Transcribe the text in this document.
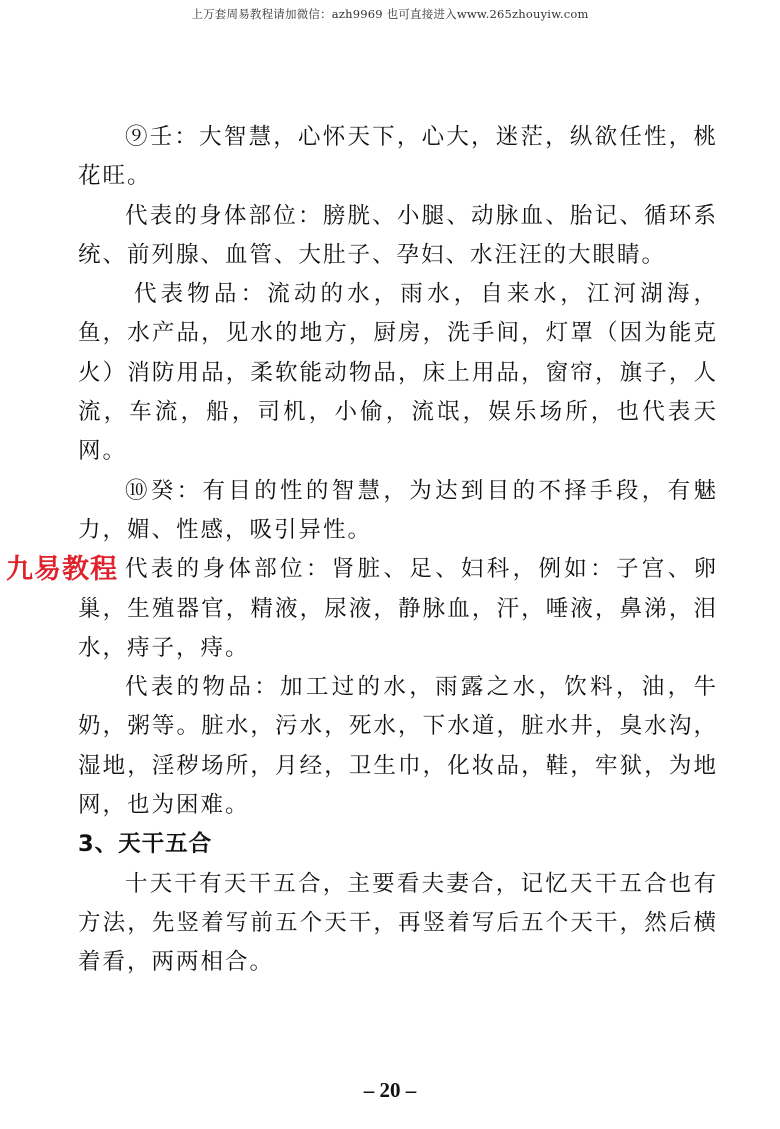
上万套周易教程请加微信：azh9969 也可直接进入www.265zhouyiw.com

⑨壬：大智慧，心怀天下，心大，迷茫，纵欲任性，桃花旺。

代表的身体部位：膀胱、小腿、动脉血、胎记、循环系统、前列腺、血管、大肚子、孕妇、水汪汪的大眼睛。

代表物品：流动的水，雨水，自来水，江河湖海，鱼，水产品，见水的地方，厨房，洗手间，灯罩（因为能克火）消防用品，柔软能动物品，床上用品，窗帘，旗子，人流，车流，船，司机，小偷，流氓，娱乐场所，也代表天网。

⑩癸：有目的性的智慧，为达到目的不择手段，有魅力，媚、性感，吸引异性。

代表的身体部位：肾脏、足、妇科，例如：子宫、卵巢，生殖器官，精液，尿液，静脉血，汗，唾液，鼻涕，泪水，痔子，痔。

代表的物品：加工过的水，雨露之水，饮料，油，牛奶，粥等。脏水，污水，死水，下水道，脏水井，臭水沟，湿地，淫秽场所，月经，卫生巾，化妆品，鞋，牢狱，为地网，也为困难。

3、天干五合

十天干有天干五合，主要看夫妻合，记忆天干五合也有方法，先竖着写前五个天干，再竖着写后五个天干，然后横着看，两两相合。

九易教程
– 20 –
